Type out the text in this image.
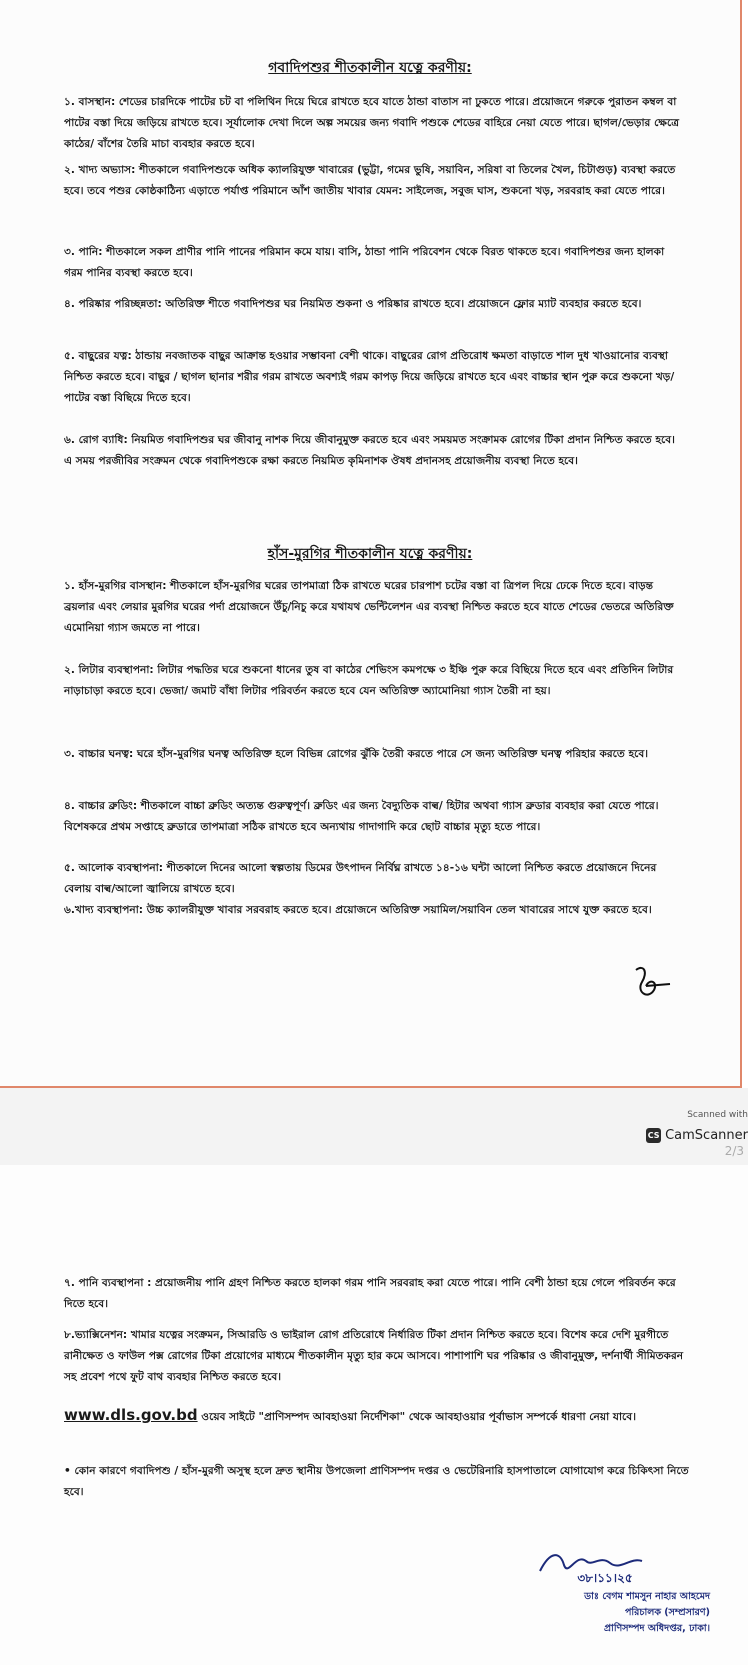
গবাদিপশুর শীতকালীন যত্নে করণীয়:

১. বাসস্থান: শেডের চারদিকে পাটের চট বা পলিথিন দিয়ে ঘিরে রাখতে হবে যাতে ঠান্ডা বাতাস না ঢুকতে পারে। প্রয়োজনে গরুকে পুরাতন কম্বল বা পাটের বস্তা দিয়ে জড়িয়ে রাখতে হবে। সূর্যালোক দেখা দিলে অল্প সময়ের জন্য গবাদি পশুকে শেডের বাহিরে নেয়া যেতে পারে। ছাগল/ভেড়ার ক্ষেত্রে কাঠের/ বাঁশের তৈরি মাচা ব্যবহার করতে হবে।

২. খাদ্য অভ্যাস: শীতকালে গবাদিপশুকে অধিক ক্যালরিযুক্ত খাবারের (ভুট্টা, গমের ভুষি, সয়াবিন, সরিষা বা তিলের খৈল, চিটাগুড়) ব্যবস্থা করতে হবে। তবে পশুর কোষ্ঠকাঠিন্য এড়াতে পর্যাপ্ত পরিমানে আঁশ জাতীয় খাবার যেমন: সাইলেজ, সবুজ ঘাস, শুকনো খড়, সরবরাহ করা যেতে পারে।

৩. পানি: শীতকালে সকল প্রাণীর পানি পানের পরিমান কমে যায়। বাসি, ঠান্ডা পানি পরিবেশন থেকে বিরত থাকতে হবে। গবাদিপশুর জন্য হালকা গরম পানির ব্যবস্থা করতে হবে।

৪. পরিষ্কার পরিচ্ছন্নতা: অতিরিক্ত শীতে গবাদিপশুর ঘর নিয়মিত শুকনা ও পরিষ্কার রাখতে হবে। প্রয়োজনে ফ্লোর ম্যাট ব্যবহার করতে হবে।

৫. বাছুরের যত্ন: ঠান্ডায় নবজাতক বাছুর আক্রান্ত হওয়ার সম্ভাবনা বেশী থাকে। বাছুরের রোগ প্রতিরোধ ক্ষমতা বাড়াতে শাল দুধ খাওয়ানোর ব্যবস্থা নিশ্চিত করতে হবে। বাছুর / ছাগল ছানার শরীর গরম রাখতে অবশ্যই গরম কাপড় দিয়ে জড়িয়ে রাখতে হবে এবং বাচ্চার স্থান পুরু করে শুকনো খড়/ পাটের বস্তা বিছিয়ে দিতে হবে।

৬. রোগ ব্যাধি: নিয়মিত গবাদিপশুর ঘর জীবানু নাশক দিয়ে জীবানুমুক্ত করতে হবে এবং সময়মত সংক্রামক রোগের টিকা প্রদান নিশ্চিত করতে হবে। এ সময় পরজীবির সংক্রমন থেকে গবাদিপশুকে রক্ষা করতে নিয়মিত কৃমিনাশক ঔষধ প্রদানসহ প্রয়োজনীয় ব্যবস্থা নিতে হবে।

হাঁস-মুরগির শীতকালীন যত্নে করণীয়:

১. হাঁস-মুরগির বাসস্থান: শীতকালে হাঁস-মুরগির ঘরের তাপমাত্রা ঠিক রাখতে ঘরের চারপাশ চটের বস্তা বা ত্রিপল দিয়ে ঢেকে দিতে হবে। বাড়ন্ত ব্রয়লার এবং লেয়ার মুরগির ঘরের পর্দা প্রয়োজনে উঁচু/নিচু করে যথাযথ ভেন্টিলেশন এর ব্যবস্থা নিশ্চিত করতে হবে যাতে শেডের ভেতরে অতিরিক্ত এমোনিয়া গ্যাস জমতে না পারে।

২. লিটার ব্যবস্থাপনা: লিটার পদ্ধতির ঘরে শুকনো ধানের তুষ বা কাঠের শেভিংস কমপক্ষে ৩ ইঞ্চি পুরু করে বিছিয়ে দিতে হবে এবং প্রতিদিন লিটার নাড়াচাড়া করতে হবে। ভেজা/ জমাট বাঁধা লিটার পরিবর্তন করতে হবে যেন অতিরিক্ত অ্যামোনিয়া গ্যাস তৈরী না হয়।

৩. বাচ্চার ঘনত্ব: ঘরে হাঁস-মুরগির ঘনত্ব অতিরিক্ত হলে বিভিন্ন রোগের ঝুঁকি তৈরী করতে পারে সে জন্য অতিরিক্ত ঘনত্ব পরিহার করতে হবে।

৪. বাচ্চার ব্রুডিং: শীতকালে বাচ্চা ব্রুডিং অত্যন্ত গুরুত্বপূর্ণ। ব্রুডিং এর জন্য বৈদ্যুতিক বাল্ব/ হিটার অথবা গ্যাস ব্রুডার ব্যবহার করা যেতে পারে। বিশেষকরে প্রথম সপ্তাহে ব্রুডারে তাপমাত্রা সঠিক রাখতে হবে অন্যথায় গাদাগাদি করে ছোট বাচ্চার মৃত্যু হতে পারে।

৫. আলোক ব্যবস্থাপনা: শীতকালে দিনের আলো স্বল্পতায় ডিমের উৎপাদন নির্বিঘ্ন রাখতে ১৪-১৬ ঘন্টা আলো নিশ্চিত করতে প্রয়োজনে দিনের বেলায় বাল্ব/আলো জ্বালিয়ে রাখতে হবে।

৬.খাদ্য ব্যবস্থাপনা: উচ্চ ক্যালরীযুক্ত খাবার সরবরাহ করতে হবে। প্রয়োজনে অতিরিক্ত সয়ামিল/সয়াবিন তেল খাবারের সাথে যুক্ত করতে হবে।

Scanned with
CS CamScanner
2/3

৭. পানি ব্যবস্থাপনা : প্রয়োজনীয় পানি গ্রহণ নিশ্চিত করতে হালকা গরম পানি সরবরাহ করা যেতে পারে। পানি বেশী ঠান্ডা হয়ে গেলে পরিবর্তন করে দিতে হবে।

৮.ভ্যাক্সিনেশন: খামার যত্নের সংক্রমন, সিআরডি ও ভাইরাল রোগ প্রতিরোধে নির্ধারিত টিকা প্রদান নিশ্চিত করতে হবে। বিশেষ করে দেশি মুরগীতে রানীক্ষেত ও ফাউল পক্স রোগের টিকা প্রয়োগের মাধ্যমে শীতকালীন মৃত্যু হার কমে আসবে। পাশাপাশি ঘর পরিষ্কার ও জীবানুমুক্ত, দর্শনার্থী সীমিতকরন সহ প্রবেশ পথে ফুট বাথ ব্যবহার নিশ্চিত করতে হবে।

www.dls.gov.bd ওয়েব সাইটে "প্রাণিসম্পদ আবহাওয়া নির্দেশিকা" থেকে আবহাওয়ার পূর্বাভাস সম্পর্কে ধারণা নেয়া যাবে।

• কোন কারণে গবাদিপশু / হাঁস-মুরগী অসুস্থ হলে দ্রুত স্থানীয় উপজেলা প্রাণিসম্পদ দপ্তর ও ভেটেরিনারি হাসপাতালে যোগাযোগ করে চিকিৎসা নিতে হবে।

৩৮।১১।২৫
ডাঃ বেগম শামসুন নাহার আহমেদ
পরিচালক (সম্প্রসারণ)
প্রাণিসম্পদ অধিদপ্তর, ঢাকা।
